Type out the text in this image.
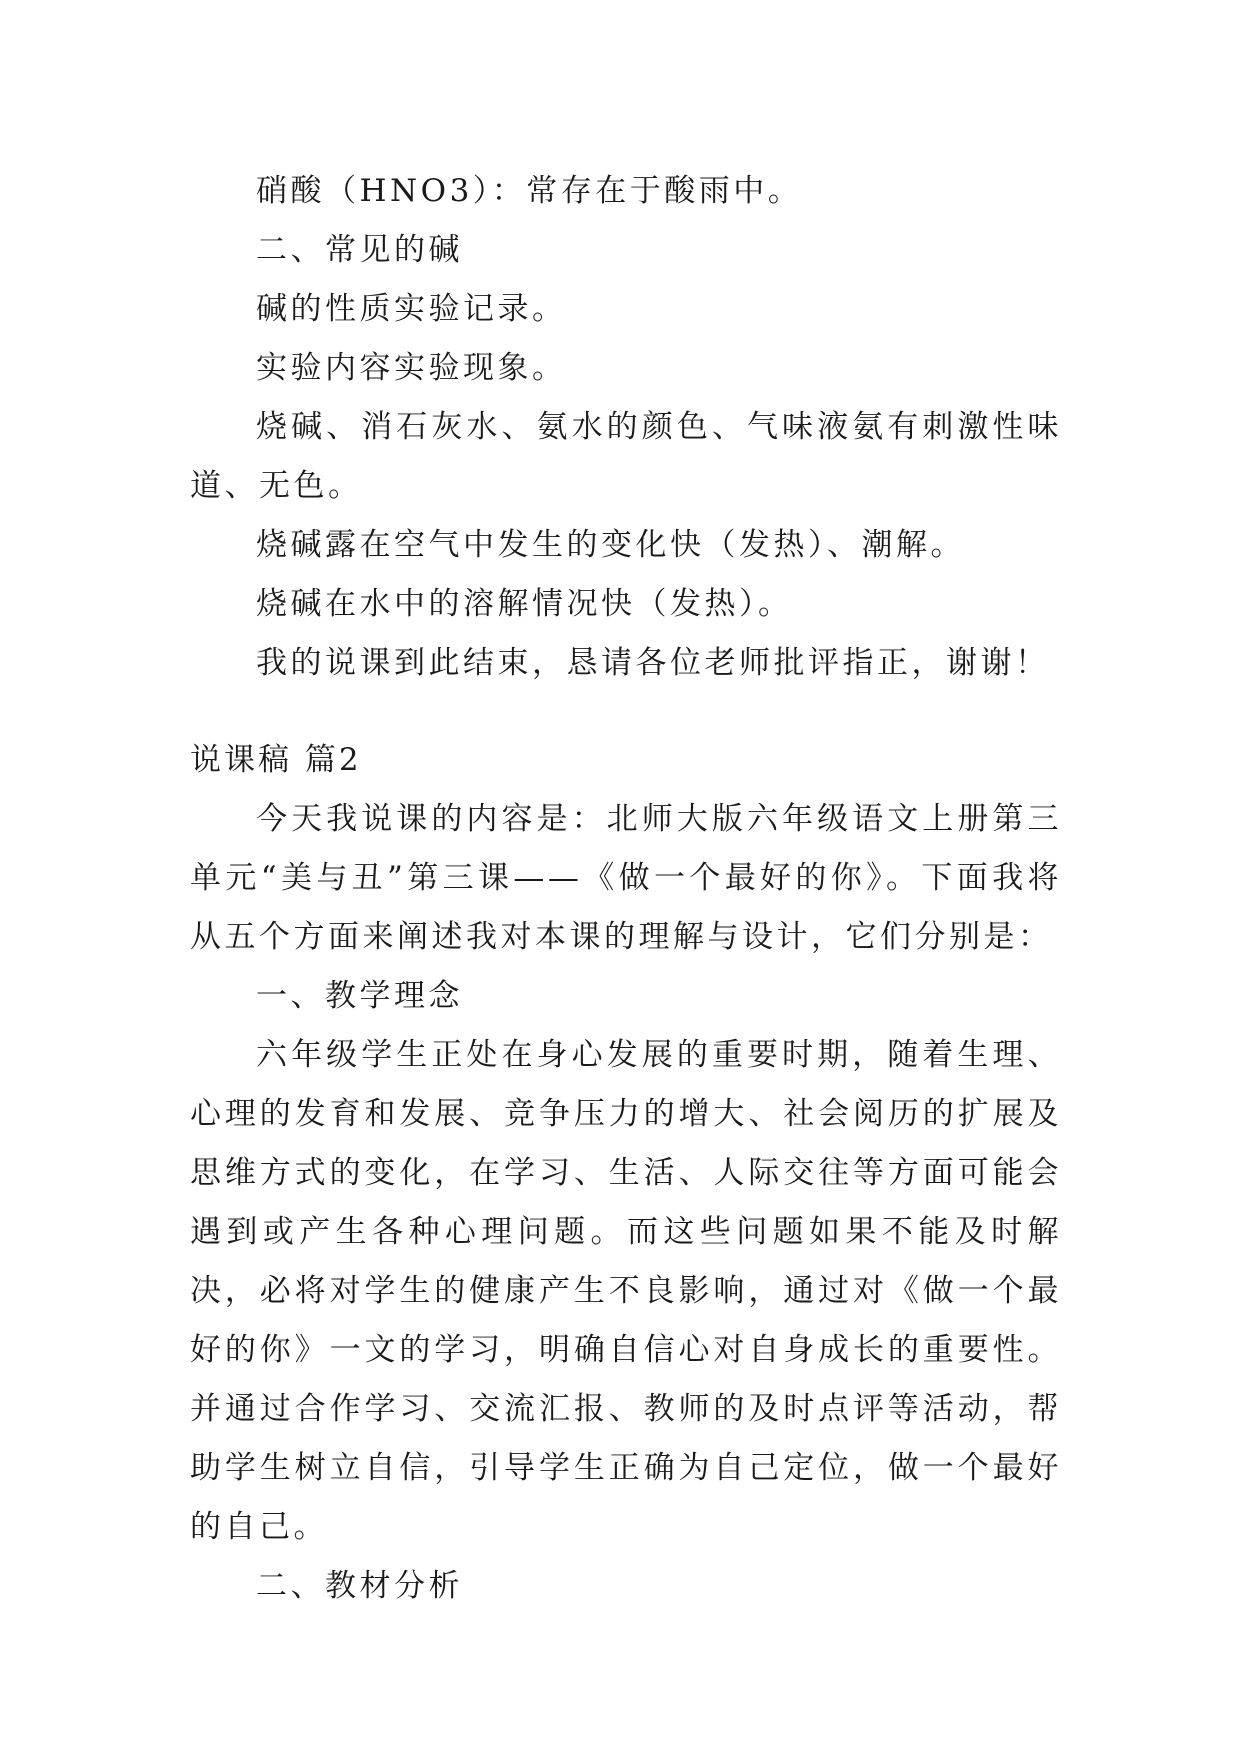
硝酸（HNO3）：常存在于酸雨中。

二、常见的碱

碱的性质实验记录。

实验内容实验现象。

烧碱、消石灰水、氨水的颜色、气味液氨有刺激性味道、无色。

烧碱露在空气中发生的变化快（发热）、潮解。

烧碱在水中的溶解情况快（发热）。

我的说课到此结束，恳请各位老师批评指正，谢谢！

说课稿 篇2

今天我说课的内容是：北师大版六年级语文上册第三单元“美与丑”第三课——《做一个最好的你》。下面我将从五个方面来阐述我对本课的理解与设计，它们分别是：

一、教学理念

六年级学生正处在身心发展的重要时期，随着生理、心理的发育和发展、竞争压力的增大、社会阅历的扩展及思维方式的变化，在学习、生活、人际交往等方面可能会遇到或产生各种心理问题。而这些问题如果不能及时解决，必将对学生的健康产生不良影响，通过对《做一个最好的你》一文的学习，明确自信心对自身成长的重要性。并通过合作学习、交流汇报、教师的及时点评等活动，帮助学生树立自信，引导学生正确为自己定位，做一个最好的自己。

二、教材分析
